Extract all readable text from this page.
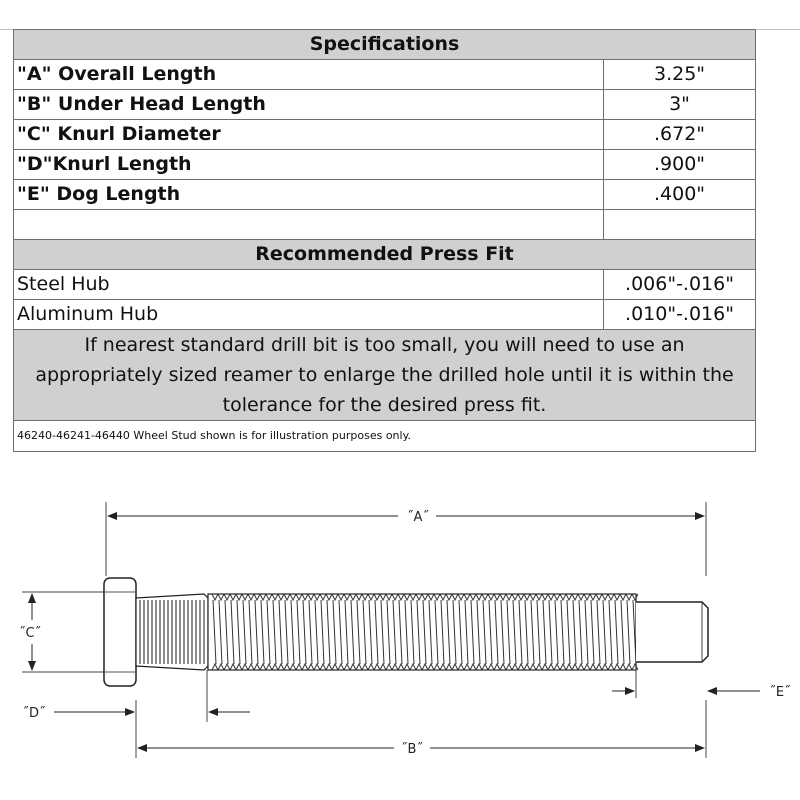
Specifications	
"A" Overall Length	3.25"
"B" Under Head Length	3"
"C" Knurl Diameter	.672"
"D"Knurl Length	.900"
"E" Dog Length	.400"

Recommended Press Fit	
Steel Hub	.006"-.016"
Aluminum Hub	.010"-.016"
If nearest standard drill bit is too small, you will need to use an appropriately sized reamer to enlarge the drilled hole until it is within the tolerance for the desired press fit.	
46240-46241-46440 Wheel Stud shown is for illustration purposes only.	
˝A˝
˝B˝
˝C˝
˝D˝
˝E˝
